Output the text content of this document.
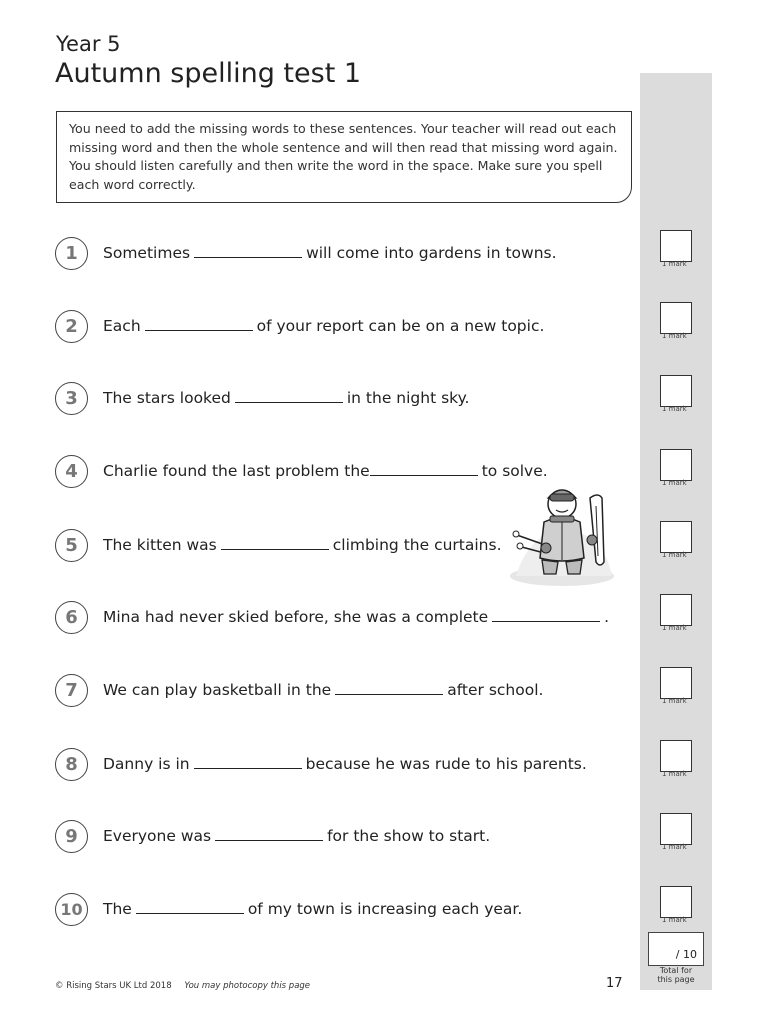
Year 5
Autumn spelling test 1
You need to add the missing words to these sentences. Your teacher will read out each missing word and then the whole sentence and will then read that missing word again. You should listen carefully and then write the word in the space. Make sure you spell each word correctly.
1	Sometimes	will come into gardens in towns.
2	Each	of your report can be on a new topic.
3	The stars looked	in the night sky.
4	Charlie found the last problem the	to solve.
5	The kitten was	climbing the curtains.
6	Mina had never skied before, she was a complete	.
7	We can play basketball in the	after school.
8	Danny is in	because he was rude to his parents.
9	Everyone was	for the show to start.
10	The	of my town is increasing each year.
1 mark
1 mark
1 mark
1 mark
1 mark
1 mark
1 mark
1 mark
1 mark
1 mark
/ 10
Total for
this page
© Rising Stars UK Ltd 2018 You may photocopy this page	17
